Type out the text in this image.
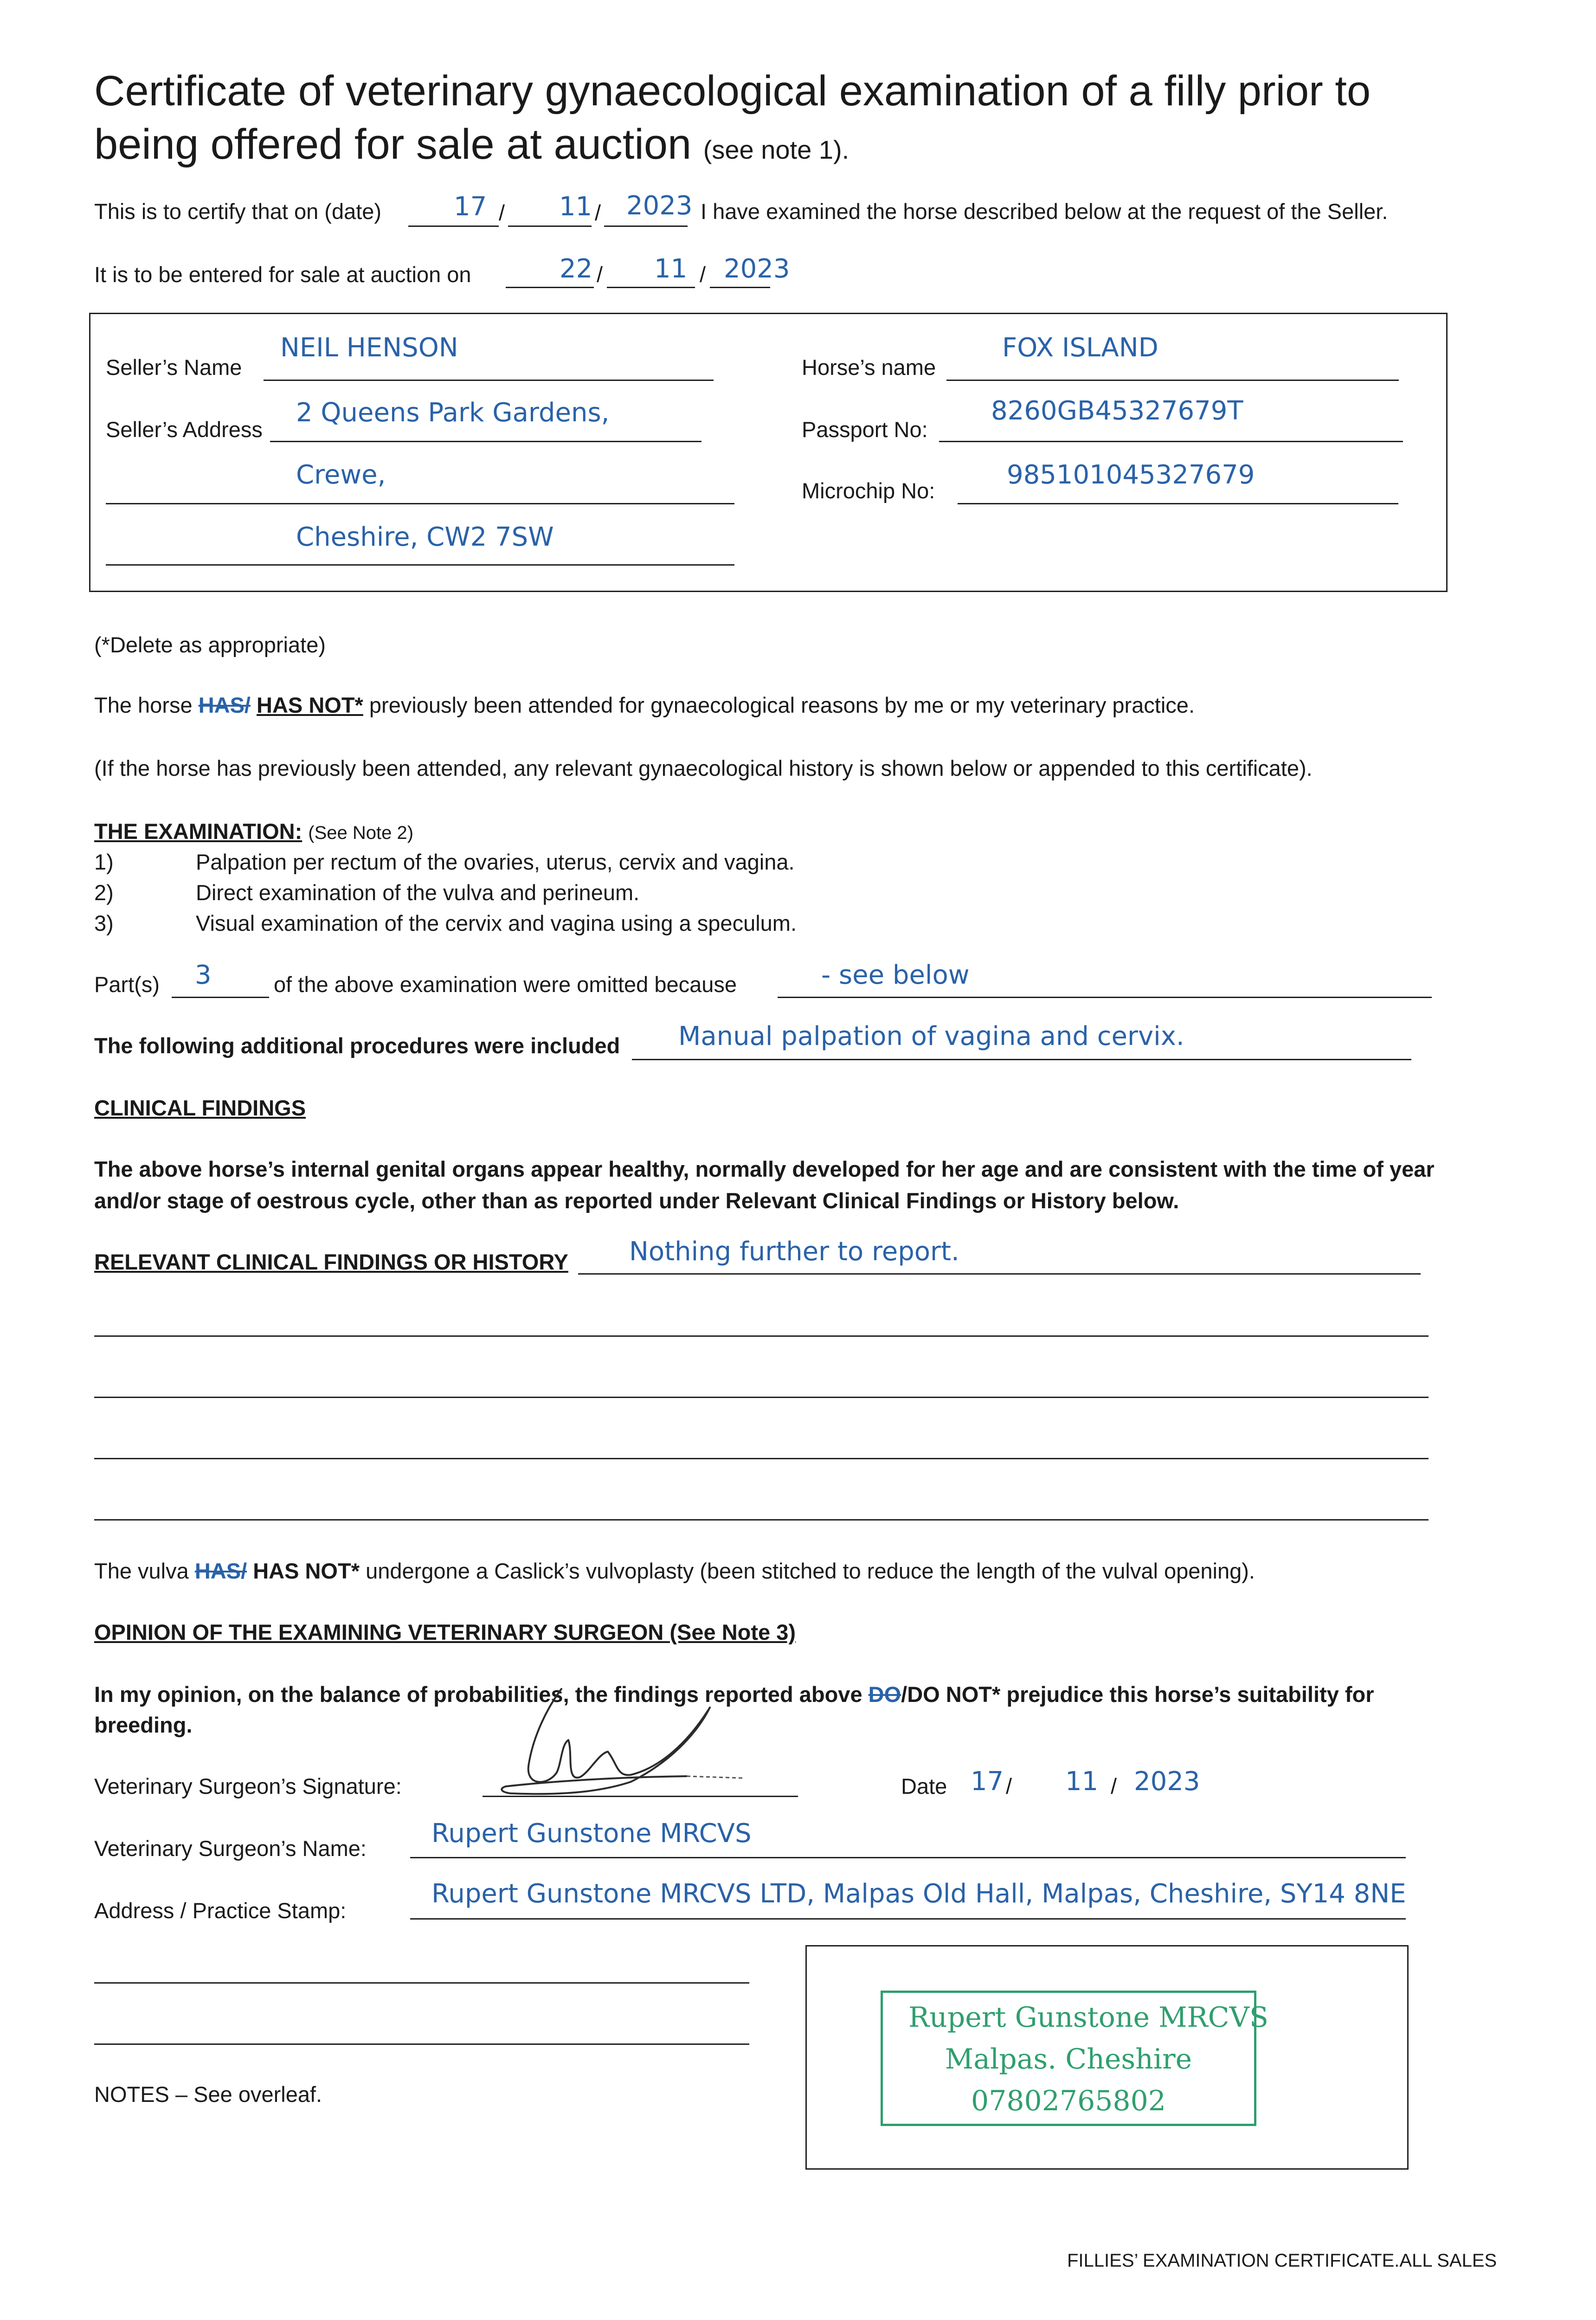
Certificate of veterinary gynaecological examination of a filly prior to
being offered for sale at auction (see note 1).
This is to certify that on (date)	17 / 11 / 2023 I have examined the horse described below at the request of the Seller.
It is to be entered for sale at auction on	22 / 11 / 2023
Seller’s Name
NEIL HENSON
Seller’s Address
2 Queens Park Gardens,
Crewe,
Cheshire, CW2 7SW
Horse’s name
FOX ISLAND
Passport No:
8260GB45327679T
Microchip No:
985101045327679
(*Delete as appropriate)
The horse HAS/ HAS NOT* previously been attended for gynaecological reasons by me or my veterinary practice.
(If the horse has previously been attended, any relevant gynaecological history is shown below or appended to this certificate).
THE EXAMINATION: (See Note 2)
1)	Palpation per rectum of the ovaries, uterus, cervix and vagina.
2)	Direct examination of the vulva and perineum.
3)	Visual examination of the cervix and vagina using a speculum.
Part(s) 3	of the above examination were omitted because	- see below
The following additional procedures were included Manual palpation of vagina and cervix.
CLINICAL FINDINGS
The above horse’s internal genital organs appear healthy, normally developed for her age and are consistent with the time of year
and/or stage of oestrous cycle, other than as reported under Relevant Clinical Findings or History below.
RELEVANT CLINICAL FINDINGS OR HISTORY Nothing further to report.
The vulva HAS/ HAS NOT* undergone a Caslick’s vulvoplasty (been stitched to reduce the length of the vulval opening).
OPINION OF THE EXAMINING VETERINARY SURGEON (See Note 3)
In my opinion, on the balance of probabilities, the findings reported above DO/DO NOT* prejudice this horse’s suitability for
breeding.
Veterinary Surgeon’s Signature:	Date 17 / 11 / 2023
Veterinary Surgeon’s Name:	Rupert Gunstone MRCVS
Address / Practice Stamp:
Rupert Gunstone MRCVS LTD, Malpas Old Hall, Malpas, Cheshire, SY14 8NE
Rupert Gunstone MRCVS
Malpas. Cheshire
07802765802
NOTES – See overleaf.
FILLIES’ EXAMINATION CERTIFICATE.ALL SALES
